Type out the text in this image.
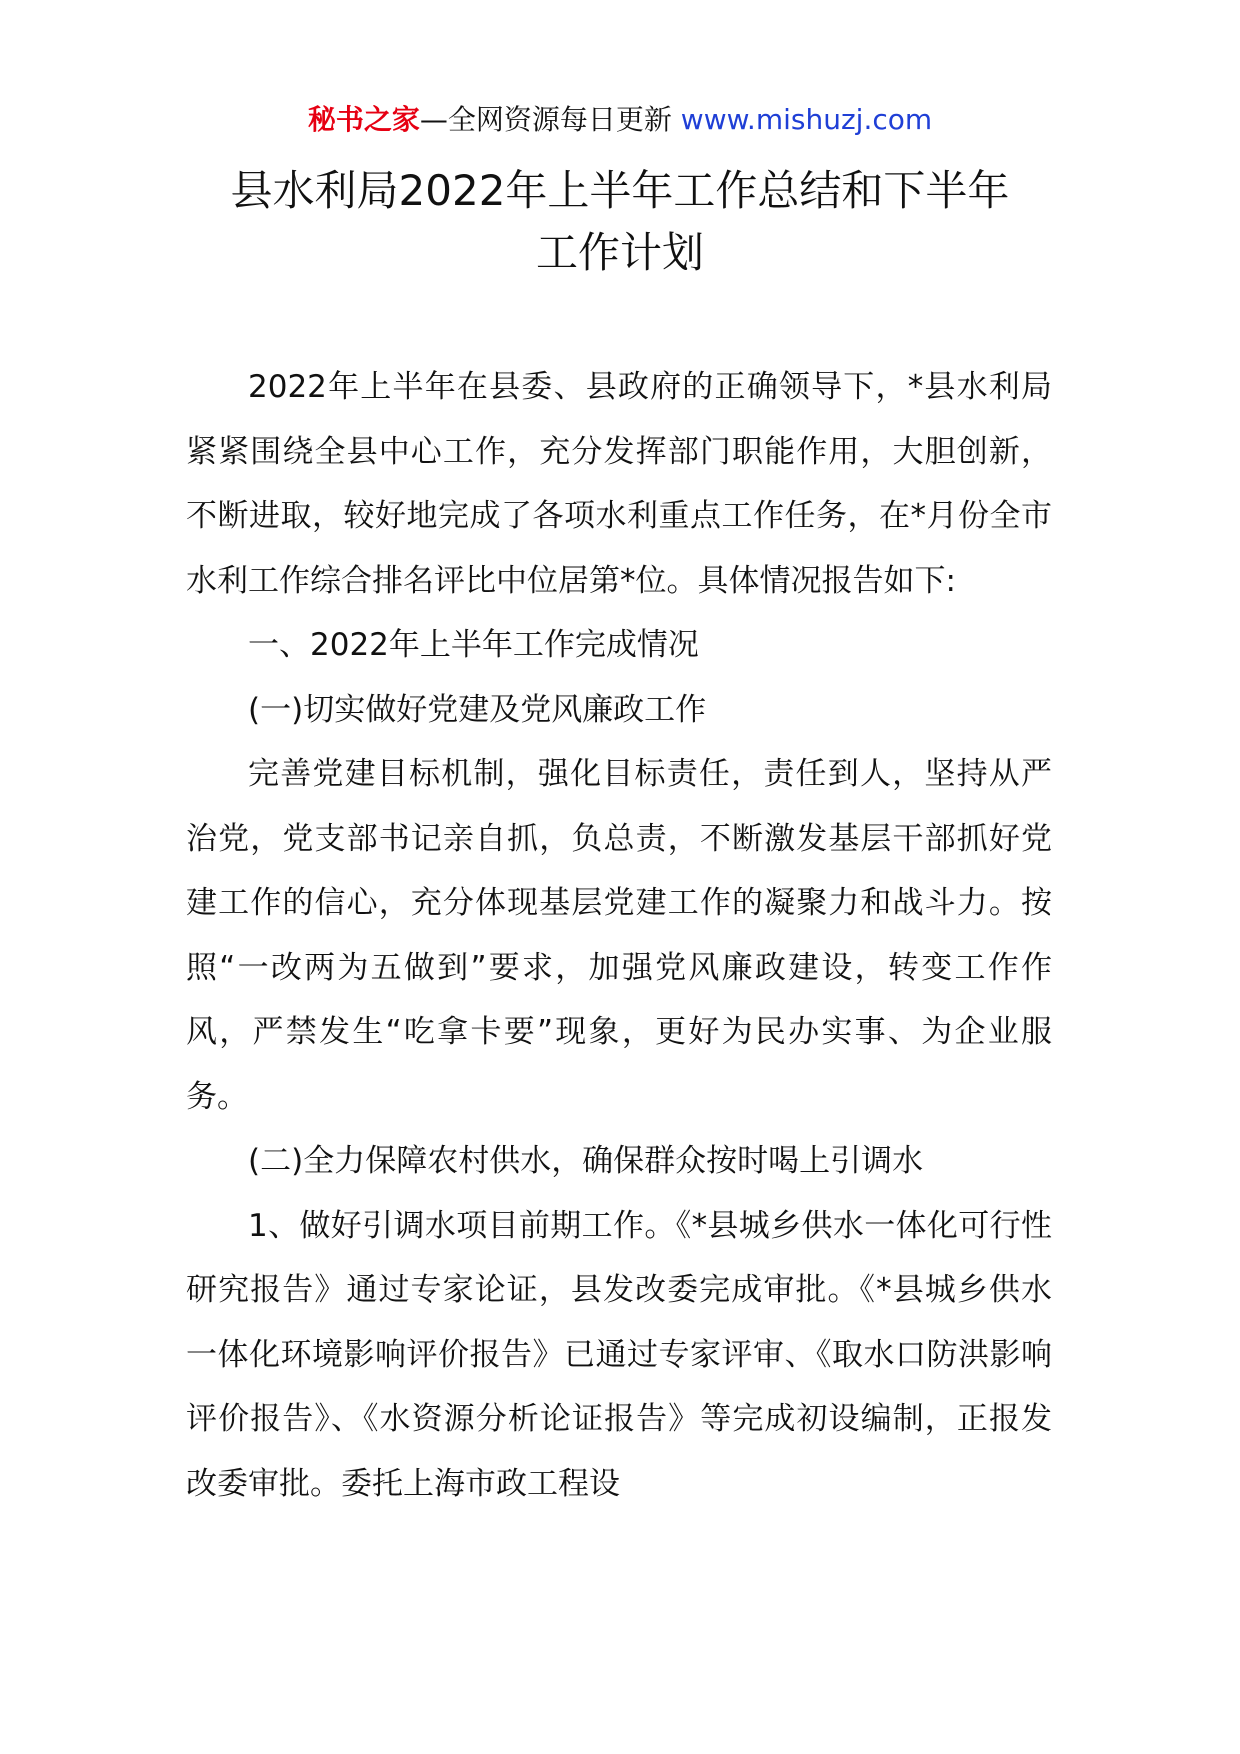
秘书之家—全网资源每日更新 www.mishuzj.com
县水利局2022年上半年工作总结和下半年
工作计划

2022年上半年在县委、县政府的正确领导下，*县水利局紧紧围绕全县中心工作，充分发挥部门职能作用，大胆创新，不断进取，较好地完成了各项水利重点工作任务，在*月份全市水利工作综合排名评比中位居第*位。具体情况报告如下:

一、2022年上半年工作完成情况

(一)切实做好党建及党风廉政工作

完善党建目标机制，强化目标责任，责任到人，坚持从严治党，党支部书记亲自抓，负总责，不断激发基层干部抓好党建工作的信心，充分体现基层党建工作的凝聚力和战斗力。按照“一改两为五做到”要求，加强党风廉政建设，转变工作作风，严禁发生“吃拿卡要”现象，更好为民办实事、为企业服务。

(二)全力保障农村供水，确保群众按时喝上引调水

1、做好引调水项目前期工作。《*县城乡供水一体化可行性研究报告》通过专家论证，县发改委完成审批。《*县城乡供水一体化环境影响评价报告》已通过专家评审、《取水口防洪影响评价报告》、《水资源分析论证报告》等完成初设编制，正报发改委审批。委托上海市政工程设
